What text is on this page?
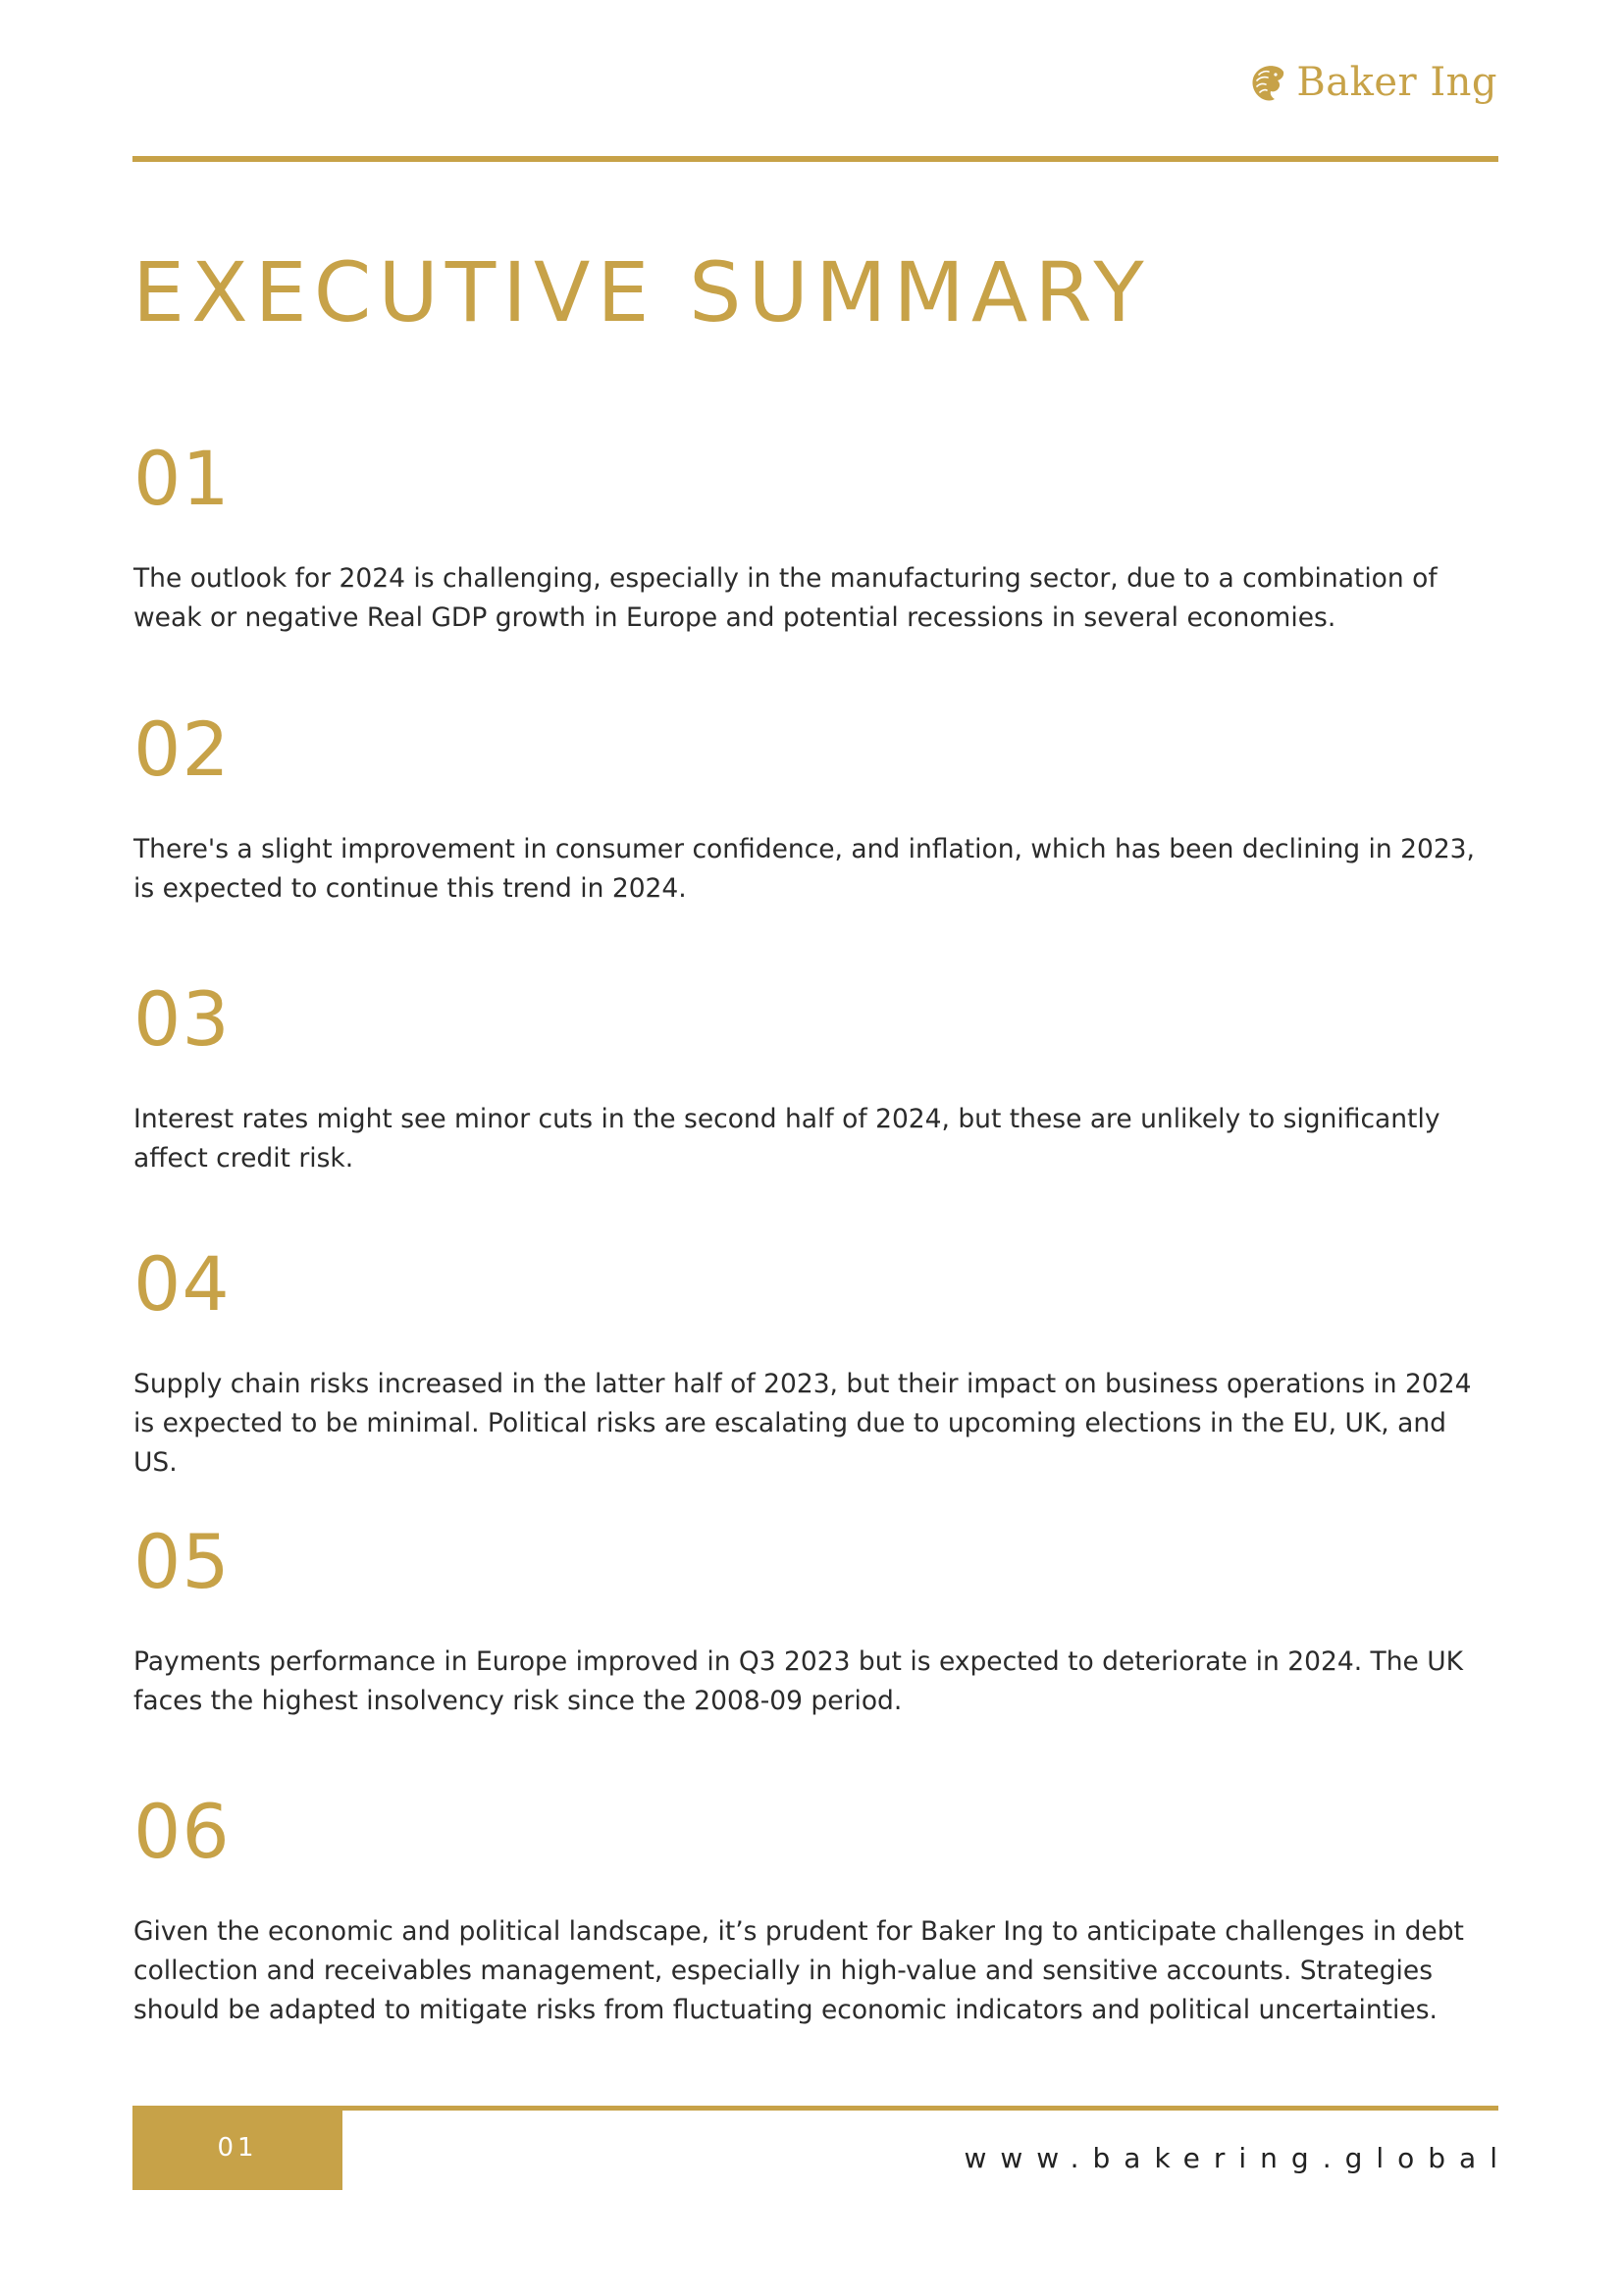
Baker Ing
EXECUTIVE SUMMARY
01

The outlook for 2024 is challenging, especially in the manufacturing sector, due to a combination of weak or negative Real GDP growth in Europe and potential recessions in several economies.

02

There's a slight improvement in consumer confidence, and inflation, which has been declining in 2023, is expected to continue this trend in 2024.

03

Interest rates might see minor cuts in the second half of 2024, but these are unlikely to significantly affect credit risk.

04

Supply chain risks increased in the latter half of 2023, but their impact on business operations in 2024 is expected to be minimal. Political risks are escalating due to upcoming elections in the EU, UK, and US.

05

Payments performance in Europe improved in Q3 2023 but is expected to deteriorate in 2024. The UK faces the highest insolvency risk since the 2008-09 period.

06

Given the economic and political landscape, it’s prudent for Baker Ing to anticipate challenges in debt collection and receivables management, especially in high-value and sensitive accounts. Strategies should be adapted to mitigate risks from fluctuating economic indicators and political uncertainties.

01	www.bakering.global
